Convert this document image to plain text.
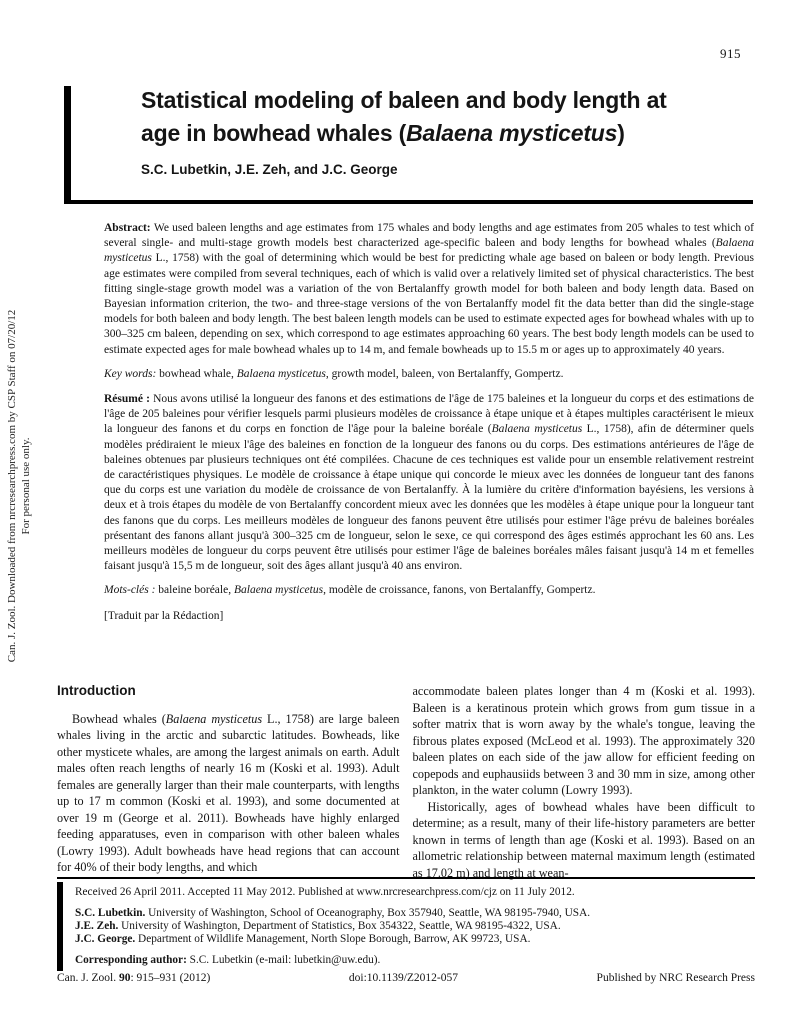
915
Can. J. Zool. Downloaded from nrcresearchpress.com by CSP Staff on 07/20/12 For personal use only.
Statistical modeling of baleen and body length at
age in bowhead whales (Balaena mysticetus)
S.C. Lubetkin, J.E. Zeh, and J.C. George

Abstract: We used baleen lengths and age estimates from 175 whales and body lengths and age estimates from 205 whales to test which of several single- and multi-stage growth models best characterized age-specific baleen and body lengths for bowhead whales (Balaena mysticetus L., 1758) with the goal of determining which would be best for predicting whale age based on baleen or body length. Previous age estimates were compiled from several techniques, each of which is valid over a relatively limited set of physical characteristics. The best fitting single-stage growth model was a variation of the von Bertalanffy growth model for both baleen and body length data. Based on Bayesian information criterion, the two- and three-stage versions of the von Bertalanffy model fit the data better than did the single-stage models for both baleen and body length. The best baleen length models can be used to estimate expected ages for bowhead whales with up to 300–325 cm baleen, depending on sex, which correspond to age estimates approaching 60 years. The best body length models can be used to estimate expected ages for male bowhead whales up to 14 m, and female bowheads up to 15.5 m or ages up to approximately 40 years.

Key words: bowhead whale, Balaena mysticetus, growth model, baleen, von Bertalanffy, Gompertz.

Résumé : Nous avons utilisé la longueur des fanons et des estimations de l'âge de 175 baleines et la longueur du corps et des estimations de l'âge de 205 baleines pour vérifier lesquels parmi plusieurs modèles de croissance à étape unique et à étapes multiples caractérisent le mieux la longueur des fanons et du corps en fonction de l'âge pour la baleine boréale (Balaena mysticetus L., 1758), afin de déterminer quels modèles prédiraient le mieux l'âge des baleines en fonction de la longueur des fanons ou du corps. Des estimations antérieures de l'âge de baleines obtenues par plusieurs techniques ont été compilées. Chacune de ces techniques est valide pour un ensemble relativement restreint de caractéristiques physiques. Le modèle de croissance à étape unique qui concorde le mieux avec les données de longueur tant des fanons que du corps est une variation du modèle de croissance de von Bertalanffy. À la lumière du critère d'information bayésiens, les versions à deux et à trois étapes du modèle de von Bertalanffy concordent mieux avec les données que les modèles à étape unique pour la longueur tant des fanons que du corps. Les meilleurs modèles de longueur des fanons peuvent être utilisés pour estimer l'âge prévu de baleines boréales présentant des fanons allant jusqu'à 300–325 cm de longueur, selon le sexe, ce qui correspond des âges estimés approchant les 60 ans. Les meilleurs modèles de longueur du corps peuvent être utilisés pour estimer l'âge de baleines boréales mâles faisant jusqu'à 14 m et femelles faisant jusqu'à 15,5 m de longueur, soit des âges allant jusqu'à 40 ans environ.

Mots-clés : baleine boréale, Balaena mysticetus, modèle de croissance, fanons, von Bertalanffy, Gompertz.

[Traduit par la Rédaction]

Introduction

Bowhead whales (Balaena mysticetus L., 1758) are large baleen whales living in the arctic and subarctic latitudes. Bowheads, like other mysticete whales, are among the largest animals on earth. Adult males often reach lengths of nearly 16 m (Koski et al. 1993). Adult females are generally larger than their male counterparts, with lengths up to 17 m common (Koski et al. 1993), and some documented at over 19 m (George et al. 2011). Bowheads have highly enlarged feeding apparatuses, even in comparison with other baleen whales (Lowry 1993). Adult bowheads have head regions that can account for 40% of their body lengths, and which

accommodate baleen plates longer than 4 m (Koski et al. 1993). Baleen is a keratinous protein which grows from gum tissue in a softer matrix that is worn away by the whale's tongue, leaving the fibrous plates exposed (McLeod et al. 1993). The approximately 320 baleen plates on each side of the jaw allow for efficient feeding on copepods and euphausiids between 3 and 30 mm in size, among other plankton, in the water column (Lowry 1993).

Historically, ages of bowhead whales have been difficult to determine; as a result, many of their life-history parameters are better known in terms of length than age (Koski et al. 1993). Based on an allometric relationship between maternal maximum length (estimated as 17.02 m) and length at wean-

Received 26 April 2011. Accepted 11 May 2012. Published at www.nrcresearchpress.com/cjz on 11 July 2012.

S.C. Lubetkin. University of Washington, School of Oceanography, Box 357940, Seattle, WA 98195-7940, USA.

J.E. Zeh. University of Washington, Department of Statistics, Box 354322, Seattle, WA 98195-4322, USA.

J.C. George. Department of Wildlife Management, North Slope Borough, Barrow, AK 99723, USA.

Corresponding author: S.C. Lubetkin (e-mail: lubetkin@uw.edu).

Can. J. Zool. 90: 915–931 (2012)	doi:10.1139/Z2012-057	Published by NRC Research Press
